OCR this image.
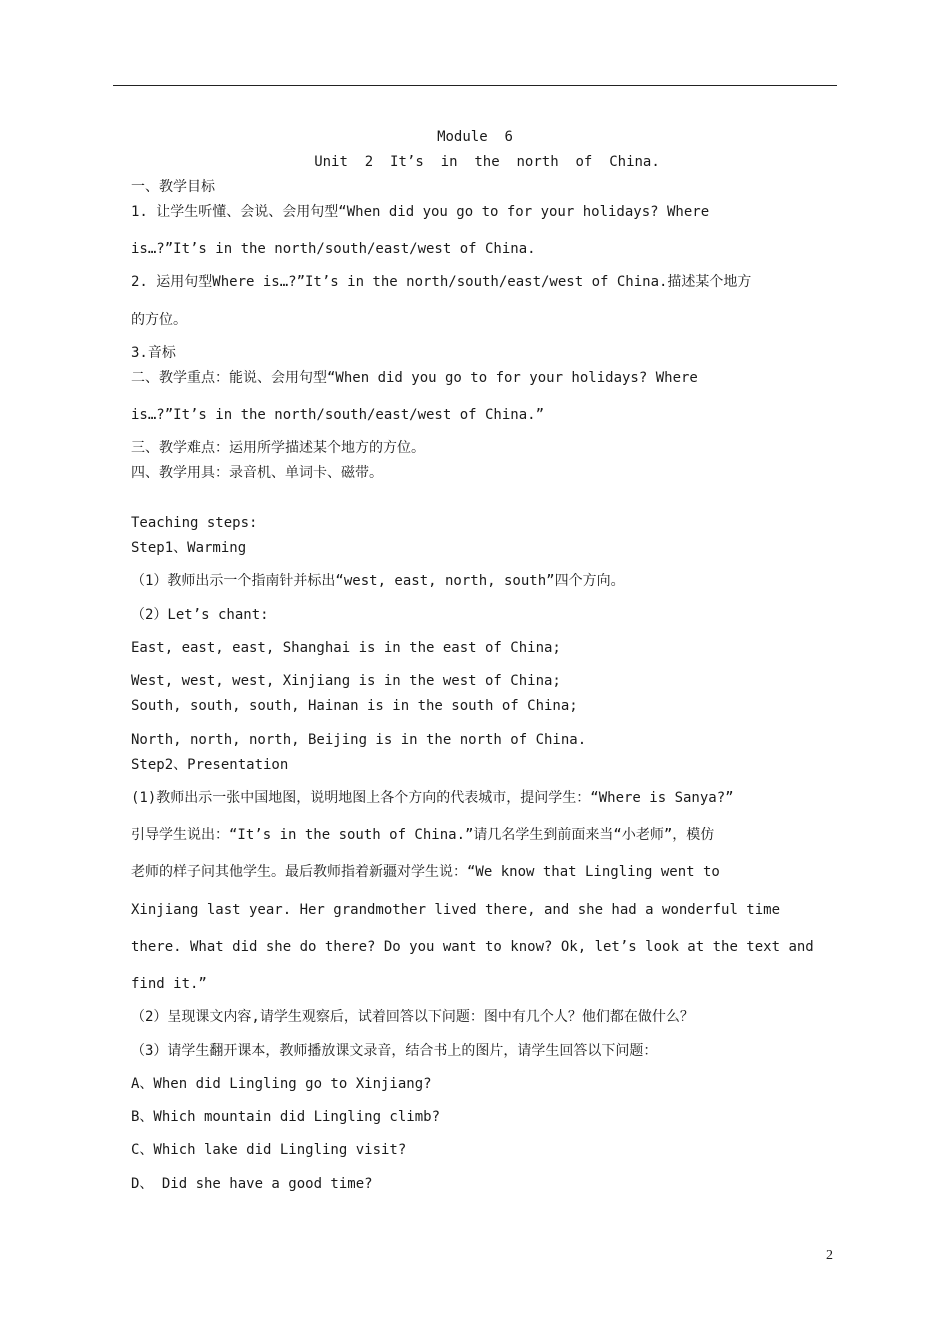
Module  6
Unit  2  It’s  in  the  north  of  China.
一、教学目标
1. 让学生听懂、会说、会用句型“When did you go to for your holidays? Where
is…?”It’s in the north/south/east/west of China.
2. 运用句型Where is…?”It’s in the north/south/east/west of China.描述某个地方
的方位。
3.音标
二、教学重点：能说、会用句型“When did you go to for your holidays? Where
is…?”It’s in the north/south/east/west of China.”
三、教学难点：运用所学描述某个地方的方位。
四、教学用具：录音机、单词卡、磁带。
Teaching steps:
Step1、Warming
（1）教师出示一个指南针并标出“west, east, north, south”四个方向。
（2）Let’s chant:
East, east, east, Shanghai is in the east of China;
West, west, west, Xinjiang is in the west of China;
South, south, south, Hainan is in the south of China;
North, north, north, Beijing is in the north of China.
Step2、Presentation
(1)教师出示一张中国地图，说明地图上各个方向的代表城市，提问学生：“Where is Sanya?”
引导学生说出：“It’s in the south of China.”请几名学生到前面来当“小老师”，模仿
老师的样子问其他学生。最后教师指着新疆对学生说：“We know that Lingling went to
Xinjiang last year. Her grandmother lived there, and she had a wonderful time
there. What did she do there? Do you want to know? Ok, let’s look at the text and
find it.”
（2）呈现课文内容,请学生观察后，试着回答以下问题：图中有几个人？他们都在做什么？
（3）请学生翻开课本，教师播放课文录音，结合书上的图片，请学生回答以下问题：
A、When did Lingling go to Xinjiang?
B、Which mountain did Lingling climb?
C、Which lake did Lingling visit?
D、 Did she have a good time?
2
